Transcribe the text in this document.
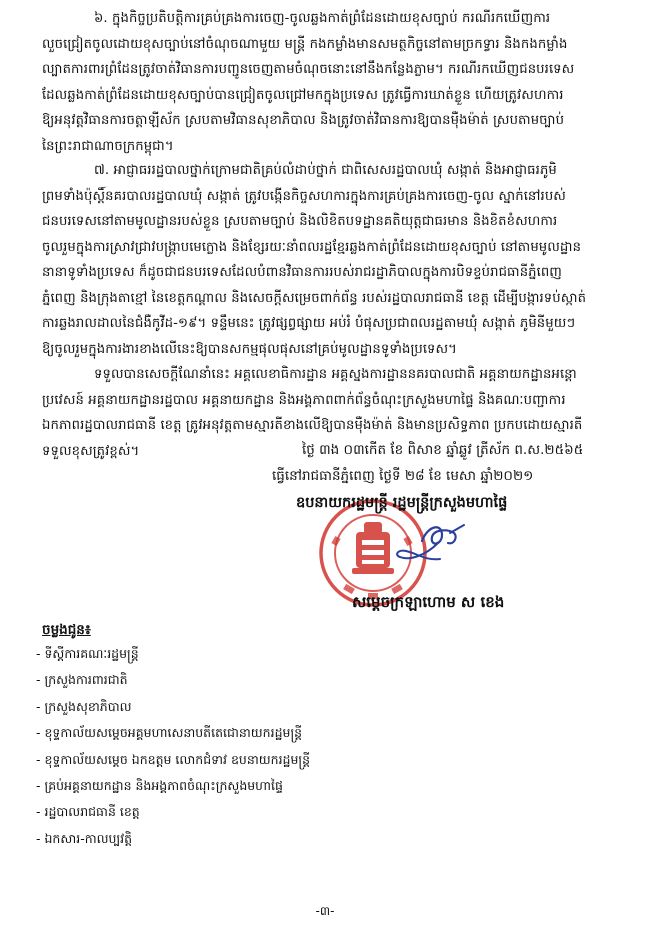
៦. ក្នុងកិច្ចប្រតិបត្តិការគ្រប់គ្រងការចេញ-ចូលឆ្លងកាត់ព្រំដែនដោយខុសច្បាប់ ករណីរកឃើញការ
លួចជ្រៀតចូលដោយខុសច្បាប់នៅចំណុចណាមួយ មន្ត្រី កងកម្លាំងមានសមត្ថកិច្ចនៅតាមច្រកទ្វារ និងកងកម្លាំង
ល្បាតការពារព្រំដែនត្រូវចាត់វិធានការបញ្ជូនចេញតាមចំណុចនោះនៅនឹងកន្លែងភ្លាម។ ករណីរកឃើញជនបរទេស
ដែលឆ្លងកាត់ព្រំដែនដោយខុសច្បាប់បានជ្រៀតចូលជ្រៅមកក្នុងប្រទេស ត្រូវធ្វើការឃាត់ខ្លួន ហើយត្រូវសហការ
ឱ្យអនុវត្តវិធានការចត្តាឡីស័ក ស្របតាមវិធានសុខាភិបាល និងត្រូវចាត់វិធានការឱ្យបានម៉ឺងម៉ាត់ ស្របតាមច្បាប់
នៃព្រះរាជាណាចក្រកម្ពុជា។
៧. អាជ្ញាធររដ្ឋបាលថ្នាក់ក្រោមជាតិគ្រប់លំដាប់ថ្នាក់ ជាពិសេសរដ្ឋបាលឃុំ សង្កាត់ និងអាជ្ញាធរភូមិ
ព្រមទាំងប៉ុស្តិ៍នគរបាលរដ្ឋបាលឃុំ សង្កាត់ ត្រូវបង្កើនកិច្ចសហការក្នុងការគ្រប់គ្រងការចេញ-ចូល ស្នាក់នៅរបស់
ជនបរទេសនៅតាមមូលដ្ឋានរបស់ខ្លួន ស្របតាមច្បាប់ និងលិខិតបទដ្ឋានគតិយុត្តជាធរមាន និងខិតខំសហការ
ចូលរួមក្នុងការស្រាវជ្រាវបង្ក្រាបមេក្លោង និងខ្សែរយៈនាំពលរដ្ឋខ្មែរឆ្លងកាត់ព្រំដែនដោយខុសច្បាប់ នៅតាមមូលដ្ឋាន
នានាទូទាំងប្រទេស ក៏ដូចជាជនបរទេសដែលបំពានវិធានការរបស់រាជរដ្ឋាភិបាលក្នុងការបិទខ្ទប់រាជធានីភ្នំពេញ
ភ្នំពេញ និងក្រុងតាខ្មៅ នៃខេត្តកណ្តាល និងសេចក្តីសម្រេចពាក់ព័ន្ធ របស់រដ្ឋបាលរាជធានី ខេត្ត ដើម្បីបង្ការទប់ស្កាត់
ការឆ្លងរាលដាលនៃជំងឺកូវីដ-១៩។ ទន្ទឹមនេះ ត្រូវផ្សព្វផ្សាយ អប់រំ បំផុសប្រជាពលរដ្ឋតាមឃុំ សង្កាត់ ភូមិនីមួយៗ
ឱ្យចូលរួមក្នុងការងារខាងលើនេះឱ្យបានសកម្មផុលផុសនៅគ្រប់មូលដ្ឋានទូទាំងប្រទេស។
ទទួលបានសេចក្តីណែនាំនេះ អគ្គលេខាធិការដ្ឋាន អគ្គស្នងការដ្ឋាននគរបាលជាតិ អគ្គនាយកដ្ឋានអន្តោ
ប្រវេសន៍ អគ្គនាយកដ្ឋានរដ្ឋបាល អគ្គនាយកដ្ឋាន និងអង្គភាពពាក់ព័ន្ធចំណុះក្រសួងមហាផ្ទៃ និងគណៈបញ្ជាការ
ឯកភាពរដ្ឋបាលរាជធានី ខេត្ត ត្រូវអនុវត្តតាមស្មារតីខាងលើឱ្យបានម៉ឺងម៉ាត់ និងមានប្រសិទ្ធភាព ប្រកបដោយស្មារតី
ទទួលខុសត្រូវខ្ពស់។	ថ្ងៃ ៣ង ០៣កើត ខែ ពិសាខ ឆ្នាំឆ្លូវ ត្រីស័ក ព.ស.២៥៦៥
ធ្វើនៅរាជធានីភ្នំពេញ ថ្ងៃទី ២៨ ខែ មេសា ឆ្នាំ២០២១
ឧបនាយករដ្ឋមន្ត្រី រដ្ឋមន្ត្រីក្រសួងមហាផ្ទៃ
សម្តេចក្រឡាហោម ស ខេង
ចម្លងជូន៖
- ទីស្តីការគណៈរដ្ឋមន្ត្រី
- ក្រសួងការពារជាតិ
- ក្រសួងសុខាភិបាល
- ខុទ្ទកាល័យសម្តេចអគ្គមហាសេនាបតីតេជោនាយករដ្ឋមន្ត្រី
- ខុទ្ទកាល័យសម្តេច ឯកឧត្តម លោកជំទាវ ឧបនាយករដ្ឋមន្ត្រី
- គ្រប់អគ្គនាយកដ្ឋាន និងអង្គភាពចំណុះក្រសួងមហាផ្ទៃ
- រដ្ឋបាលរាជធានី ខេត្ត
- ឯកសារ-កាលប្បវត្តិ
-៣-
